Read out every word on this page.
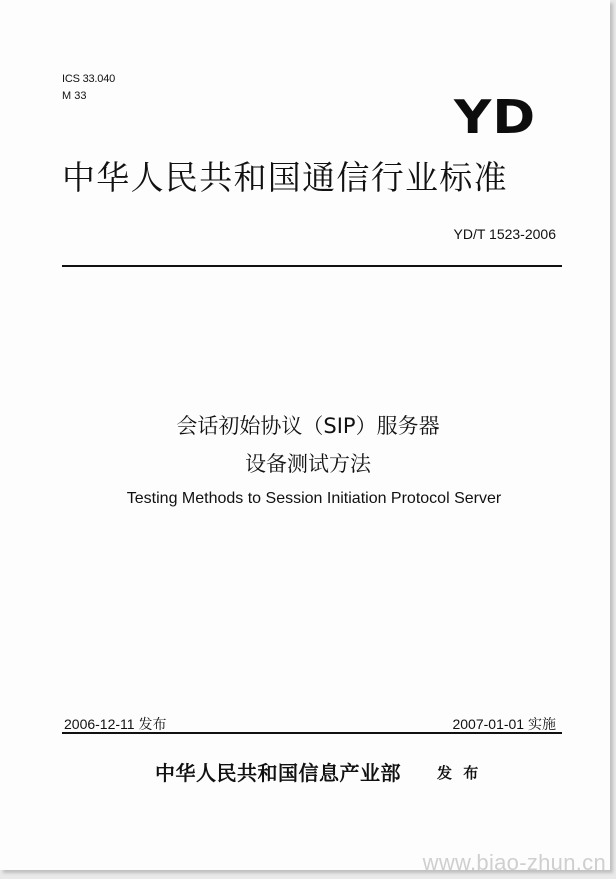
ICS 33.040
M 33	YD
中华人民共和国通信行业标准
YD/T 1523-2006
会话初始协议（SIP）服务器
设备测试方法
Testing Methods to Session Initiation Protocol Server
2006-12-11 发布	2007-01-01 实施
中华人民共和国信息产业部 发 布
www.biao-zhun.cn
